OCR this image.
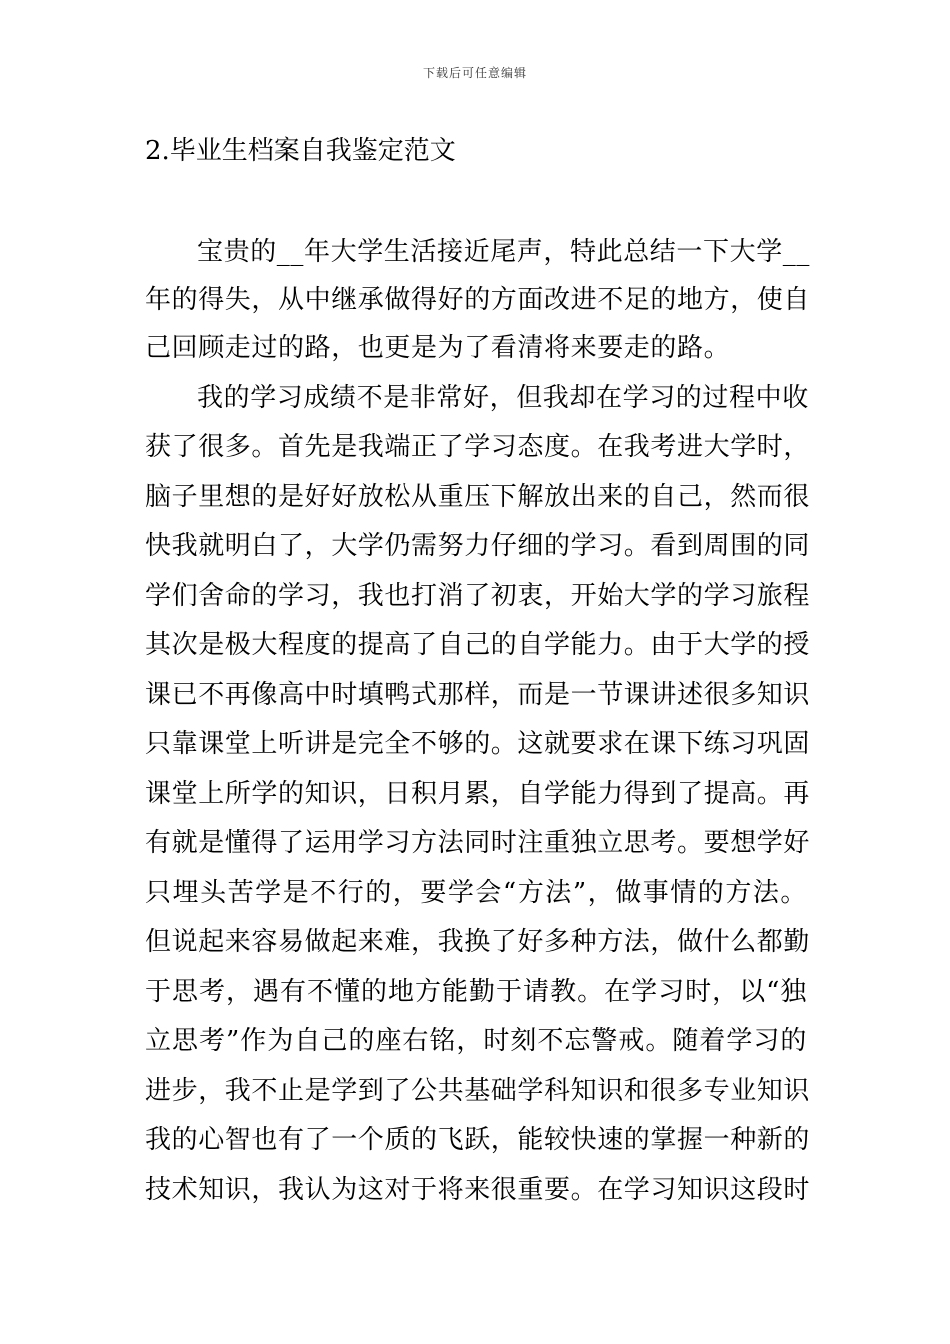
下载后可任意编辑
2.毕业生档案自我鉴定范文
宝贵的__年大学生活接近尾声，特此总结一下大学__
年的得失，从中继承做得好的方面改进不足的地方，使自
己回顾走过的路，也更是为了看清将来要走的路。
我的学习成绩不是非常好，但我却在学习的过程中收
获了很多。首先是我端正了学习态度。在我考进大学时，
脑子里想的是好好放松从重压下解放出来的自己，然而很
快我就明白了，大学仍需努力仔细的学习。看到周围的同
学们舍命的学习，我也打消了初衷，开始大学的学习旅程
其次是极大程度的提高了自己的自学能力。由于大学的授
课已不再像高中时填鸭式那样，而是一节课讲述很多知识
只靠课堂上听讲是完全不够的。这就要求在课下练习巩固
课堂上所学的知识，日积月累，自学能力得到了提高。再
有就是懂得了运用学习方法同时注重独立思考。要想学好
只埋头苦学是不行的，要学会“方法”，做事情的方法。
但说起来容易做起来难，我换了好多种方法，做什么都勤
于思考，遇有不懂的地方能勤于请教。在学习时，以“独
立思考”作为自己的座右铭，时刻不忘警戒。随着学习的
进步，我不止是学到了公共基础学科知识和很多专业知识
我的心智也有了一个质的飞跃，能较快速的掌握一种新的
技术知识，我认为这对于将来很重要。在学习知识这段时
